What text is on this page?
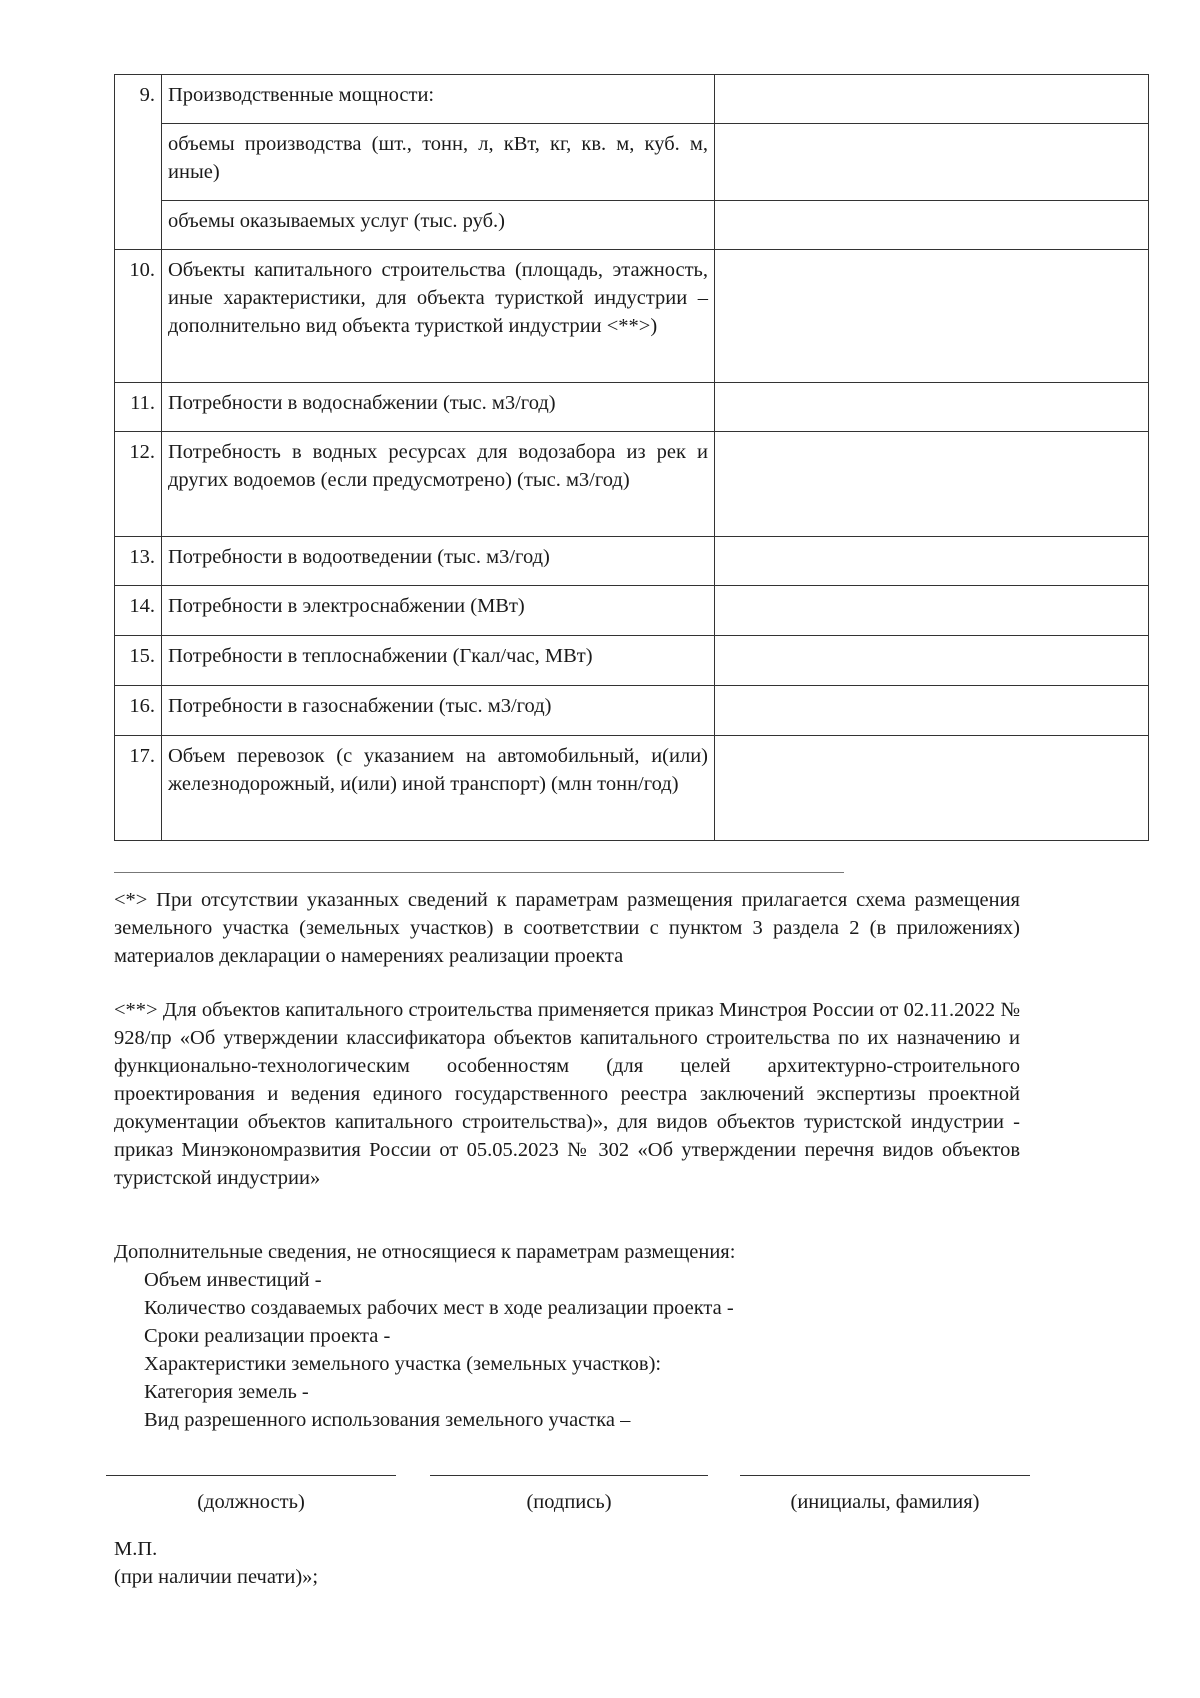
9.	Производственные мощности:	
	объемы производства (шт., тонн, л, кВт, кг, кв. м, куб. м, иные)	
	объемы оказываемых услуг (тыс. руб.)	
10.	Объекты капитального строительства (площадь, этажность, иные характеристики, для объекта туристкой индустрии – дополнительно вид объекта туристкой индустрии <**>)	
11.	Потребности в водоснабжении (тыс. м3/год)	
12.	Потребность в водных ресурсах для водозабора из рек и других водоемов (если предусмотрено) (тыс. м3/год)	
13.	Потребности в водоотведении (тыс. м3/год)	
14.	Потребности в электроснабжении (МВт)	
15.	Потребности в теплоснабжении (Гкал/час, МВт)	
16.	Потребности в газоснабжении (тыс. м3/год)	
17.	Объем перевозок (с указанием на автомобильный, и(или) железнодорожный, и(или) иной транспорт) (млн тонн/год)	

<*> При отсутствии указанных сведений к параметрам размещения прилагается схема размещения земельного участка (земельных участков) в соответствии с пунктом 3 раздела 2 (в приложениях) материалов декларации о намерениях реализации проекта

<**> Для объектов капитального строительства применяется приказ Минстроя России от 02.11.2022 № 928/пр «Об утверждении классификатора объектов капитального строительства по их назначению и функционально-технологическим особенностям (для целей архитектурно-строительного проектирования и ведения единого государственного реестра заключений экспертизы проектной документации объектов капитального строительства)», для видов объектов туристской индустрии - приказ Минэкономразвития России от 05.05.2023 № 302 «Об утверждении перечня видов объектов туристской индустрии»

Дополнительные сведения, не относящиеся к параметрам размещения:
Объем инвестиций -
Количество создаваемых рабочих мест в ходе реализации проекта -
Сроки реализации проекта -
Характеристики земельного участка (земельных участков):
Категория земель -
Вид разрешенного использования земельного участка –
(должность)	(подпись)	(инициалы, фамилия)
М.П.
(при наличии печати)»;
